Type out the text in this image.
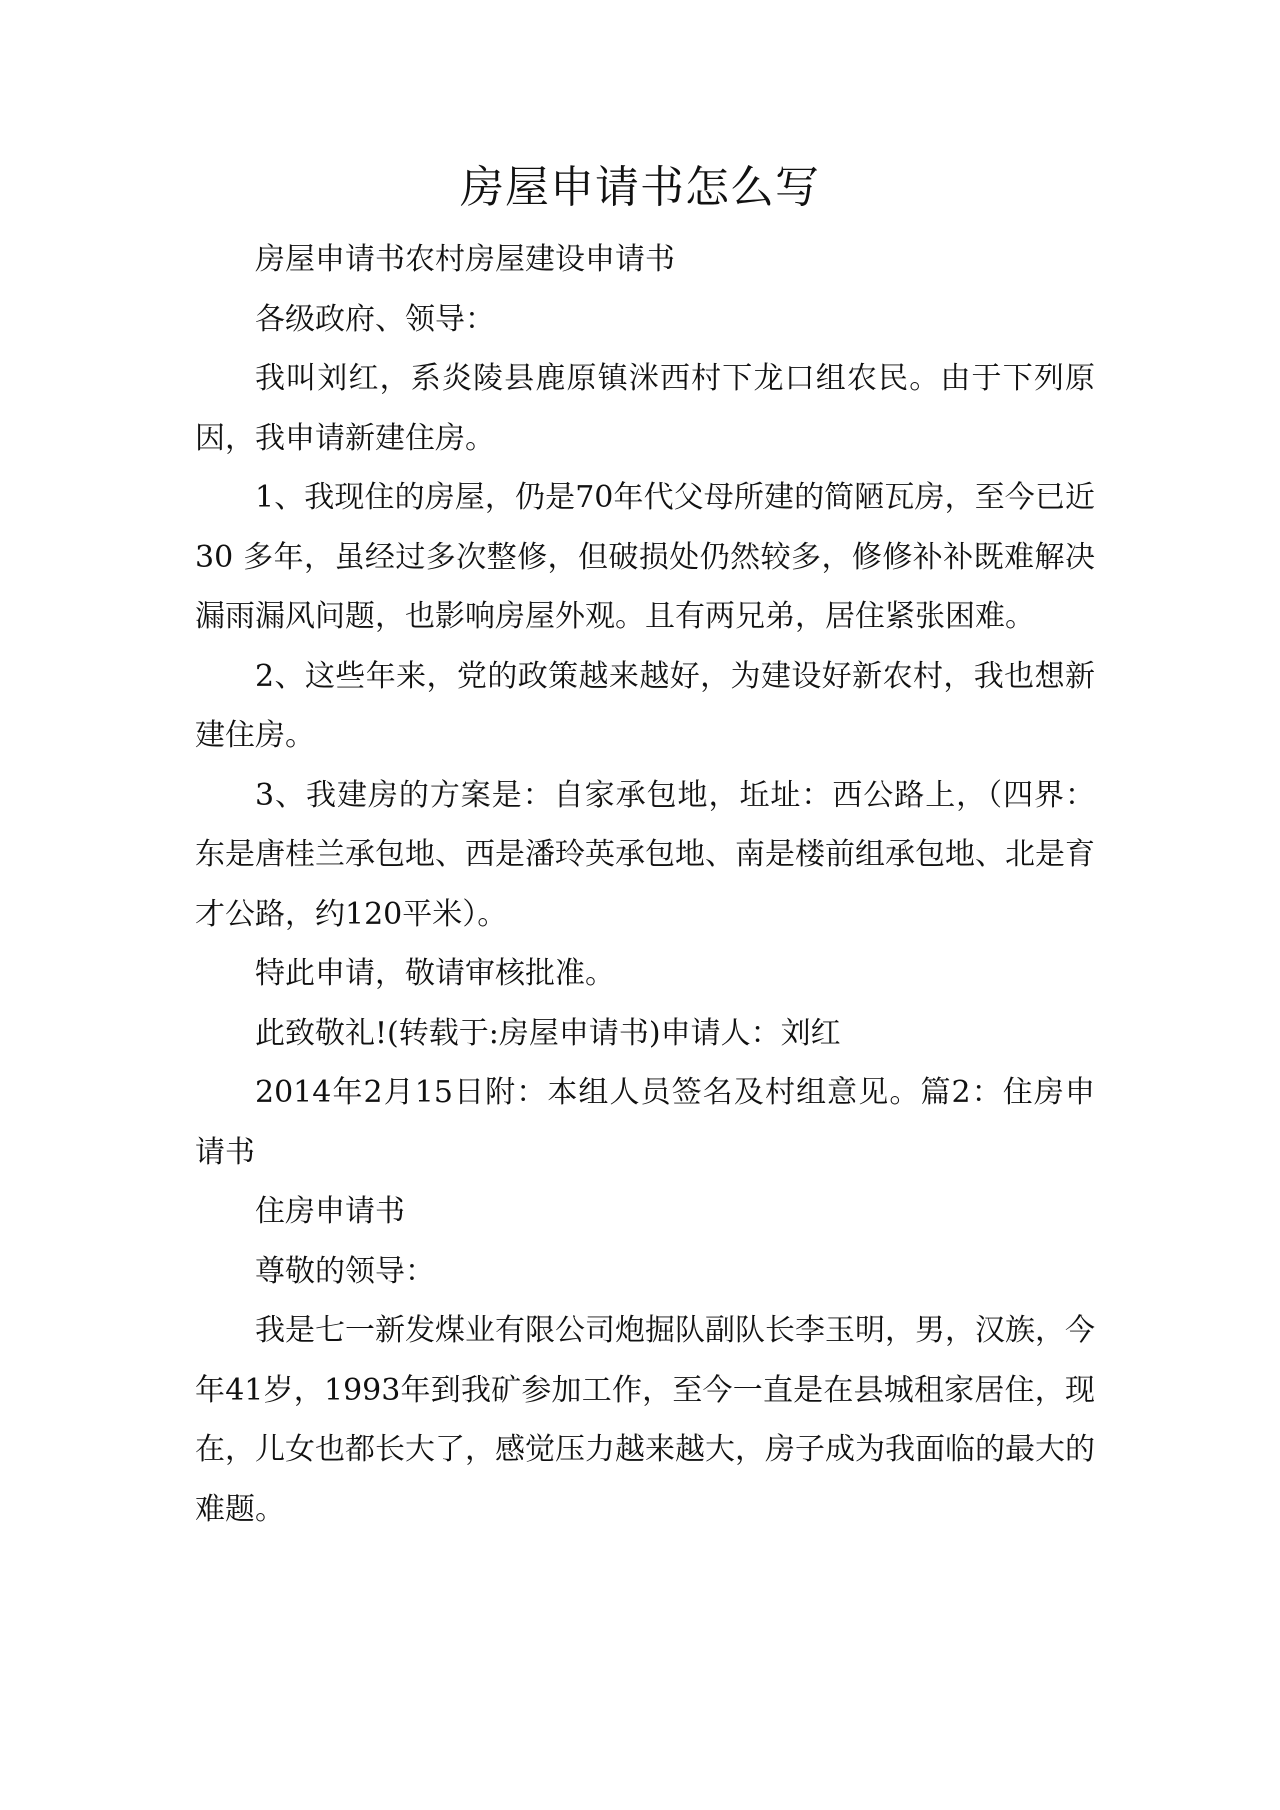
房屋申请书怎么写

房屋申请书农村房屋建设申请书

各级政府、领导：

我叫刘红，系炎陵县鹿原镇洣西村下龙口组农民。由于下列原因，我申请新建住房。

1、我现住的房屋，仍是70年代父母所建的简陋瓦房，至今已近 30 多年，虽经过多次整修，但破损处仍然较多，修修补补既难解决漏雨漏风问题，也影响房屋外观。且有两兄弟，居住紧张困难。

2、这些年来，党的政策越来越好，为建设好新农村，我也想新建住房。

3、我建房的方案是：自家承包地，坵址：西公路上，（四界：东是唐桂兰承包地、西是潘玲英承包地、南是楼前组承包地、北是育才公路，约120平米）。

特此申请，敬请审核批准。

此致敬礼!(转载于:房屋申请书)申请人：刘红

2014年2月15日附：本组人员签名及村组意见。篇2：住房申请书

住房申请书

尊敬的领导：

我是七一新发煤业有限公司炮掘队副队长李玉明，男，汉族，今年41岁，1993年到我矿参加工作，至今一直是在县城租家居住，现在，儿女也都长大了，感觉压力越来越大，房子成为我面临的最大的难题。
